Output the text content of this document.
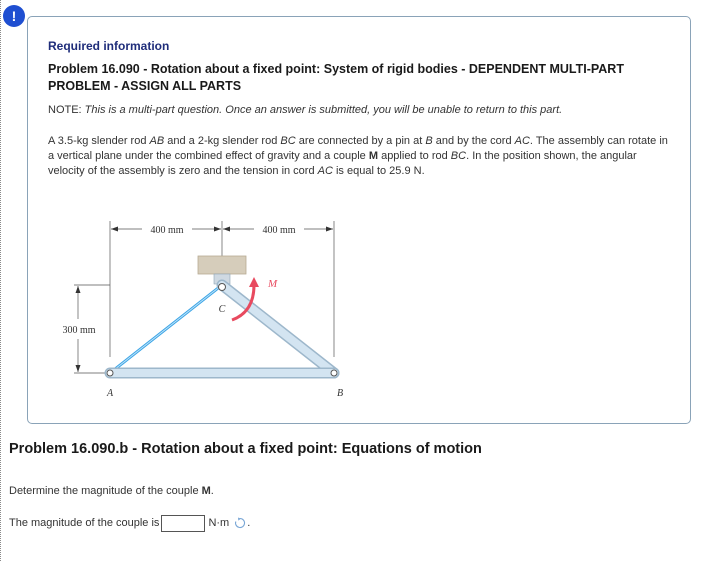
!
Required information
Problem 16.090 - Rotation about a fixed point: System of rigid bodies - DEPENDENT MULTI-PART PROBLEM - ASSIGN ALL PARTS
NOTE: This is a multi-part question. Once an answer is submitted, you will be unable to return to this part.
A 3.5-kg slender rod AB and a 2-kg slender rod BC are connected by a pin at B and by the cord AC. The assembly can rotate in a vertical plane under the combined effect of gravity and a couple M applied to rod BC. In the position shown, the angular velocity of the assembly is zero and the tension in cord AC is equal to 25.9 N.
400 mm	400 mm
300 mm
M
C
A	B
Problem 16.090.b - Rotation about a fixed point: Equations of motion
Determine the magnitude of the couple M.
The magnitude of the couple is	N·m .
